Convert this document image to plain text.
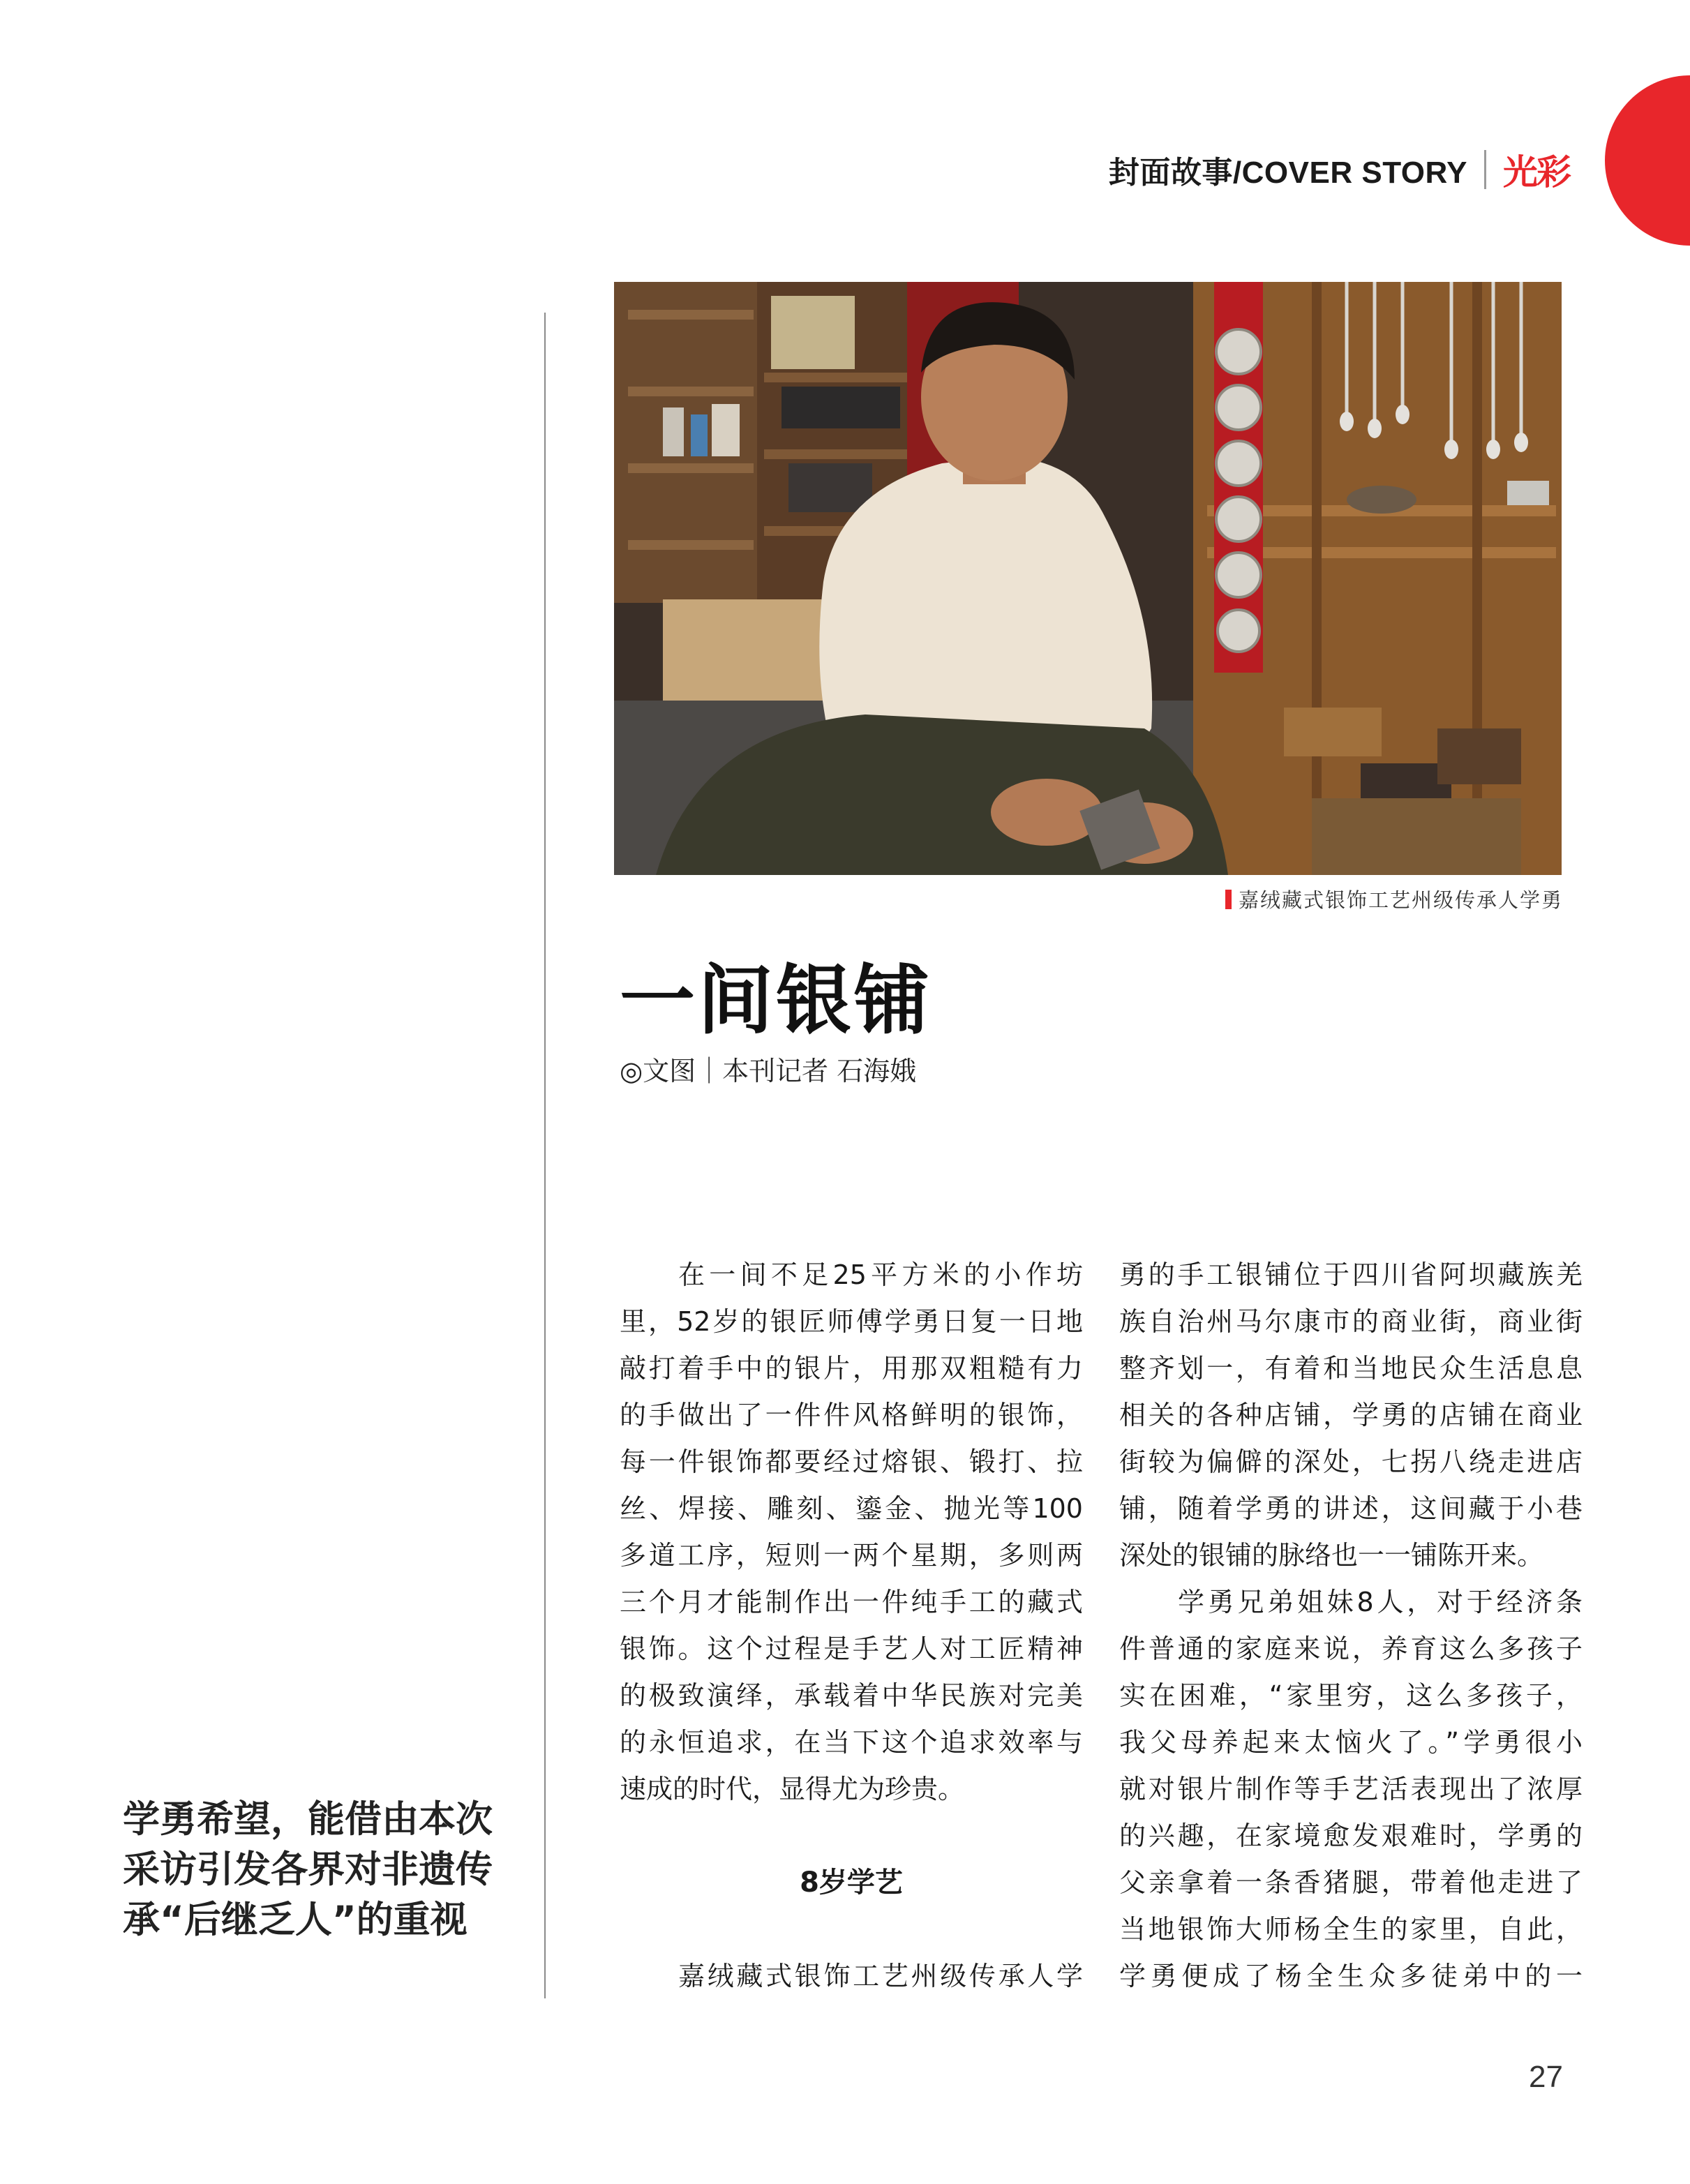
封面故事/COVER STORY 光彩

学勇希望，能借由本次采访引发各界对非遗传承“后继乏人”的重视

嘉绒藏式银饰工艺州级传承人学勇
一间银铺
◎文图｜本刊记者 石海娥
在一间不足25平方米的小作坊
里，52岁的银匠师傅学勇日复一日地
敲打着手中的银片，用那双粗糙有力
的手做出了一件件风格鲜明的银饰，
每一件银饰都要经过熔银、锻打、拉
丝、焊接、雕刻、鎏金、抛光等100
多道工序，短则一两个星期，多则两
三个月才能制作出一件纯手工的藏式
银饰。这个过程是手艺人对工匠精神
的极致演绎，承载着中华民族对完美
的永恒追求，在当下这个追求效率与
速成的时代，显得尤为珍贵。
8岁学艺
嘉绒藏式银饰工艺州级传承人学
勇的手工银铺位于四川省阿坝藏族羌
族自治州马尔康市的商业街，商业街
整齐划一，有着和当地民众生活息息
相关的各种店铺，学勇的店铺在商业
街较为偏僻的深处，七拐八绕走进店
铺，随着学勇的讲述，这间藏于小巷
深处的银铺的脉络也一一铺陈开来。
学勇兄弟姐妹8人，对于经济条
件普通的家庭来说，养育这么多孩子
实在困难，“家里穷，这么多孩子，
我父母养起来太恼火了。”学勇很小
就对银片制作等手艺活表现出了浓厚
的兴趣，在家境愈发艰难时，学勇的
父亲拿着一条香猪腿，带着他走进了
当地银饰大师杨全生的家里，自此，
学勇便成了杨全生众多徒弟中的一
27
